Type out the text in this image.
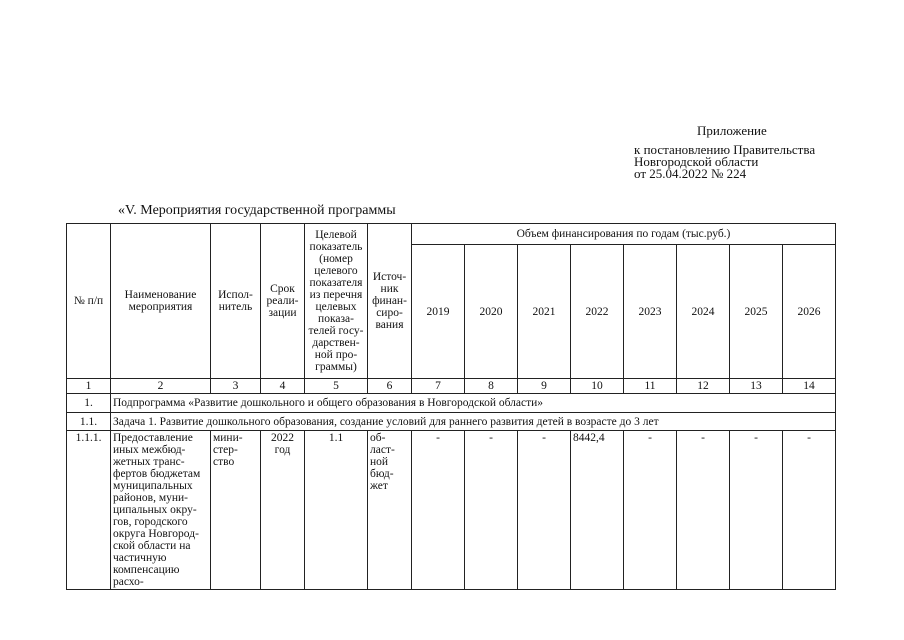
Приложение
к постановлению Правительства
Новгородской области
от 25.04.2022 № 224
«V. Мероприятия государственной программы
№ п/п	Наименование мероприятия	Испол-нитель	Срок реали-зации	Целевой показатель (номер целевого показателя из перечня целевых показа-телей госу-дарствен-ной про-граммы)	Источ-ник финан-сиро-вания	Объем финансирования по годам (тыс.руб.)							
						2019	2020	2021	2022	2023	2024	2025	2026
1	2	3	4	5	6	7	8	9	10	11	12	13	14
1.	Подпрограмма «Развитие дошкольного и общего образования в Новгородской области»												
1.1.	Задача 1. Развитие дошкольного образования, создание условий для раннего развития детей в возрасте до 3 лет												
1.1.1.	Предоставление иных межбюд-жетных транс-фертов бюджетам муниципальных районов, муни-ципальных окру-гов, городского округа Новгород-ской области на частичную компенсацию расхо-	мини-стер-ство	2022 год	1.1	об-ласт-ной бюд-жет	-	-	-	8442,4	-	-	-	-
